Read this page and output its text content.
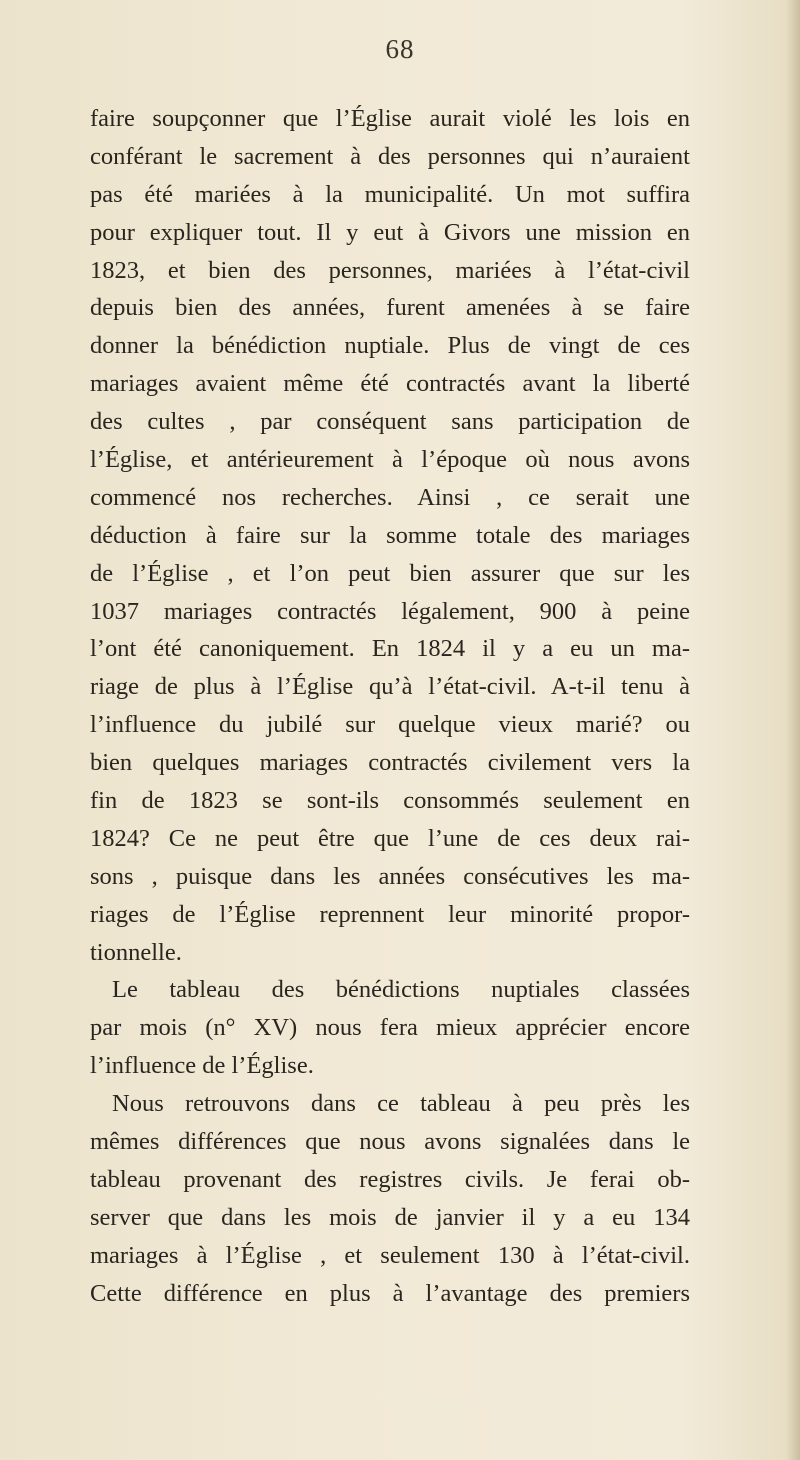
68
faire soupçonner que l’Église aurait violé les lois en
conférant le sacrement à des personnes qui n’auraient
pas été mariées à la municipalité. Un mot suffira
pour expliquer tout. Il y eut à Givors une mission en
1823, et bien des personnes, mariées à l’état-civil
depuis bien des années, furent amenées à se faire
donner la bénédiction nuptiale. Plus de vingt de ces
mariages avaient même été contractés avant la liberté
des cultes , par conséquent sans participation de
l’Église, et antérieurement à l’époque où nous avons
commencé nos recherches. Ainsi , ce serait une
déduction à faire sur la somme totale des mariages
de l’Église , et l’on peut bien assurer que sur les
1037 mariages contractés légalement, 900 à peine
l’ont été canoniquement. En 1824 il y a eu un ma-
riage de plus à l’Église qu’à l’état-civil. A-t-il tenu à
l’influence du jubilé sur quelque vieux marié? ou
bien quelques mariages contractés civilement vers la
fin de 1823 se sont-ils consommés seulement en
1824? Ce ne peut être que l’une de ces deux rai-
sons , puisque dans les années consécutives les ma-
riages de l’Église reprennent leur minorité propor-
tionnelle.
Le tableau des bénédictions nuptiales classées
par mois (n° XV) nous fera mieux apprécier encore
l’influence de l’Église.
Nous retrouvons dans ce tableau à peu près les
mêmes différences que nous avons signalées dans le
tableau provenant des registres civils. Je ferai ob-
server que dans les mois de janvier il y a eu 134
mariages à l’Église , et seulement 130 à l’état-civil.
Cette différence en plus à l’avantage des premiers
